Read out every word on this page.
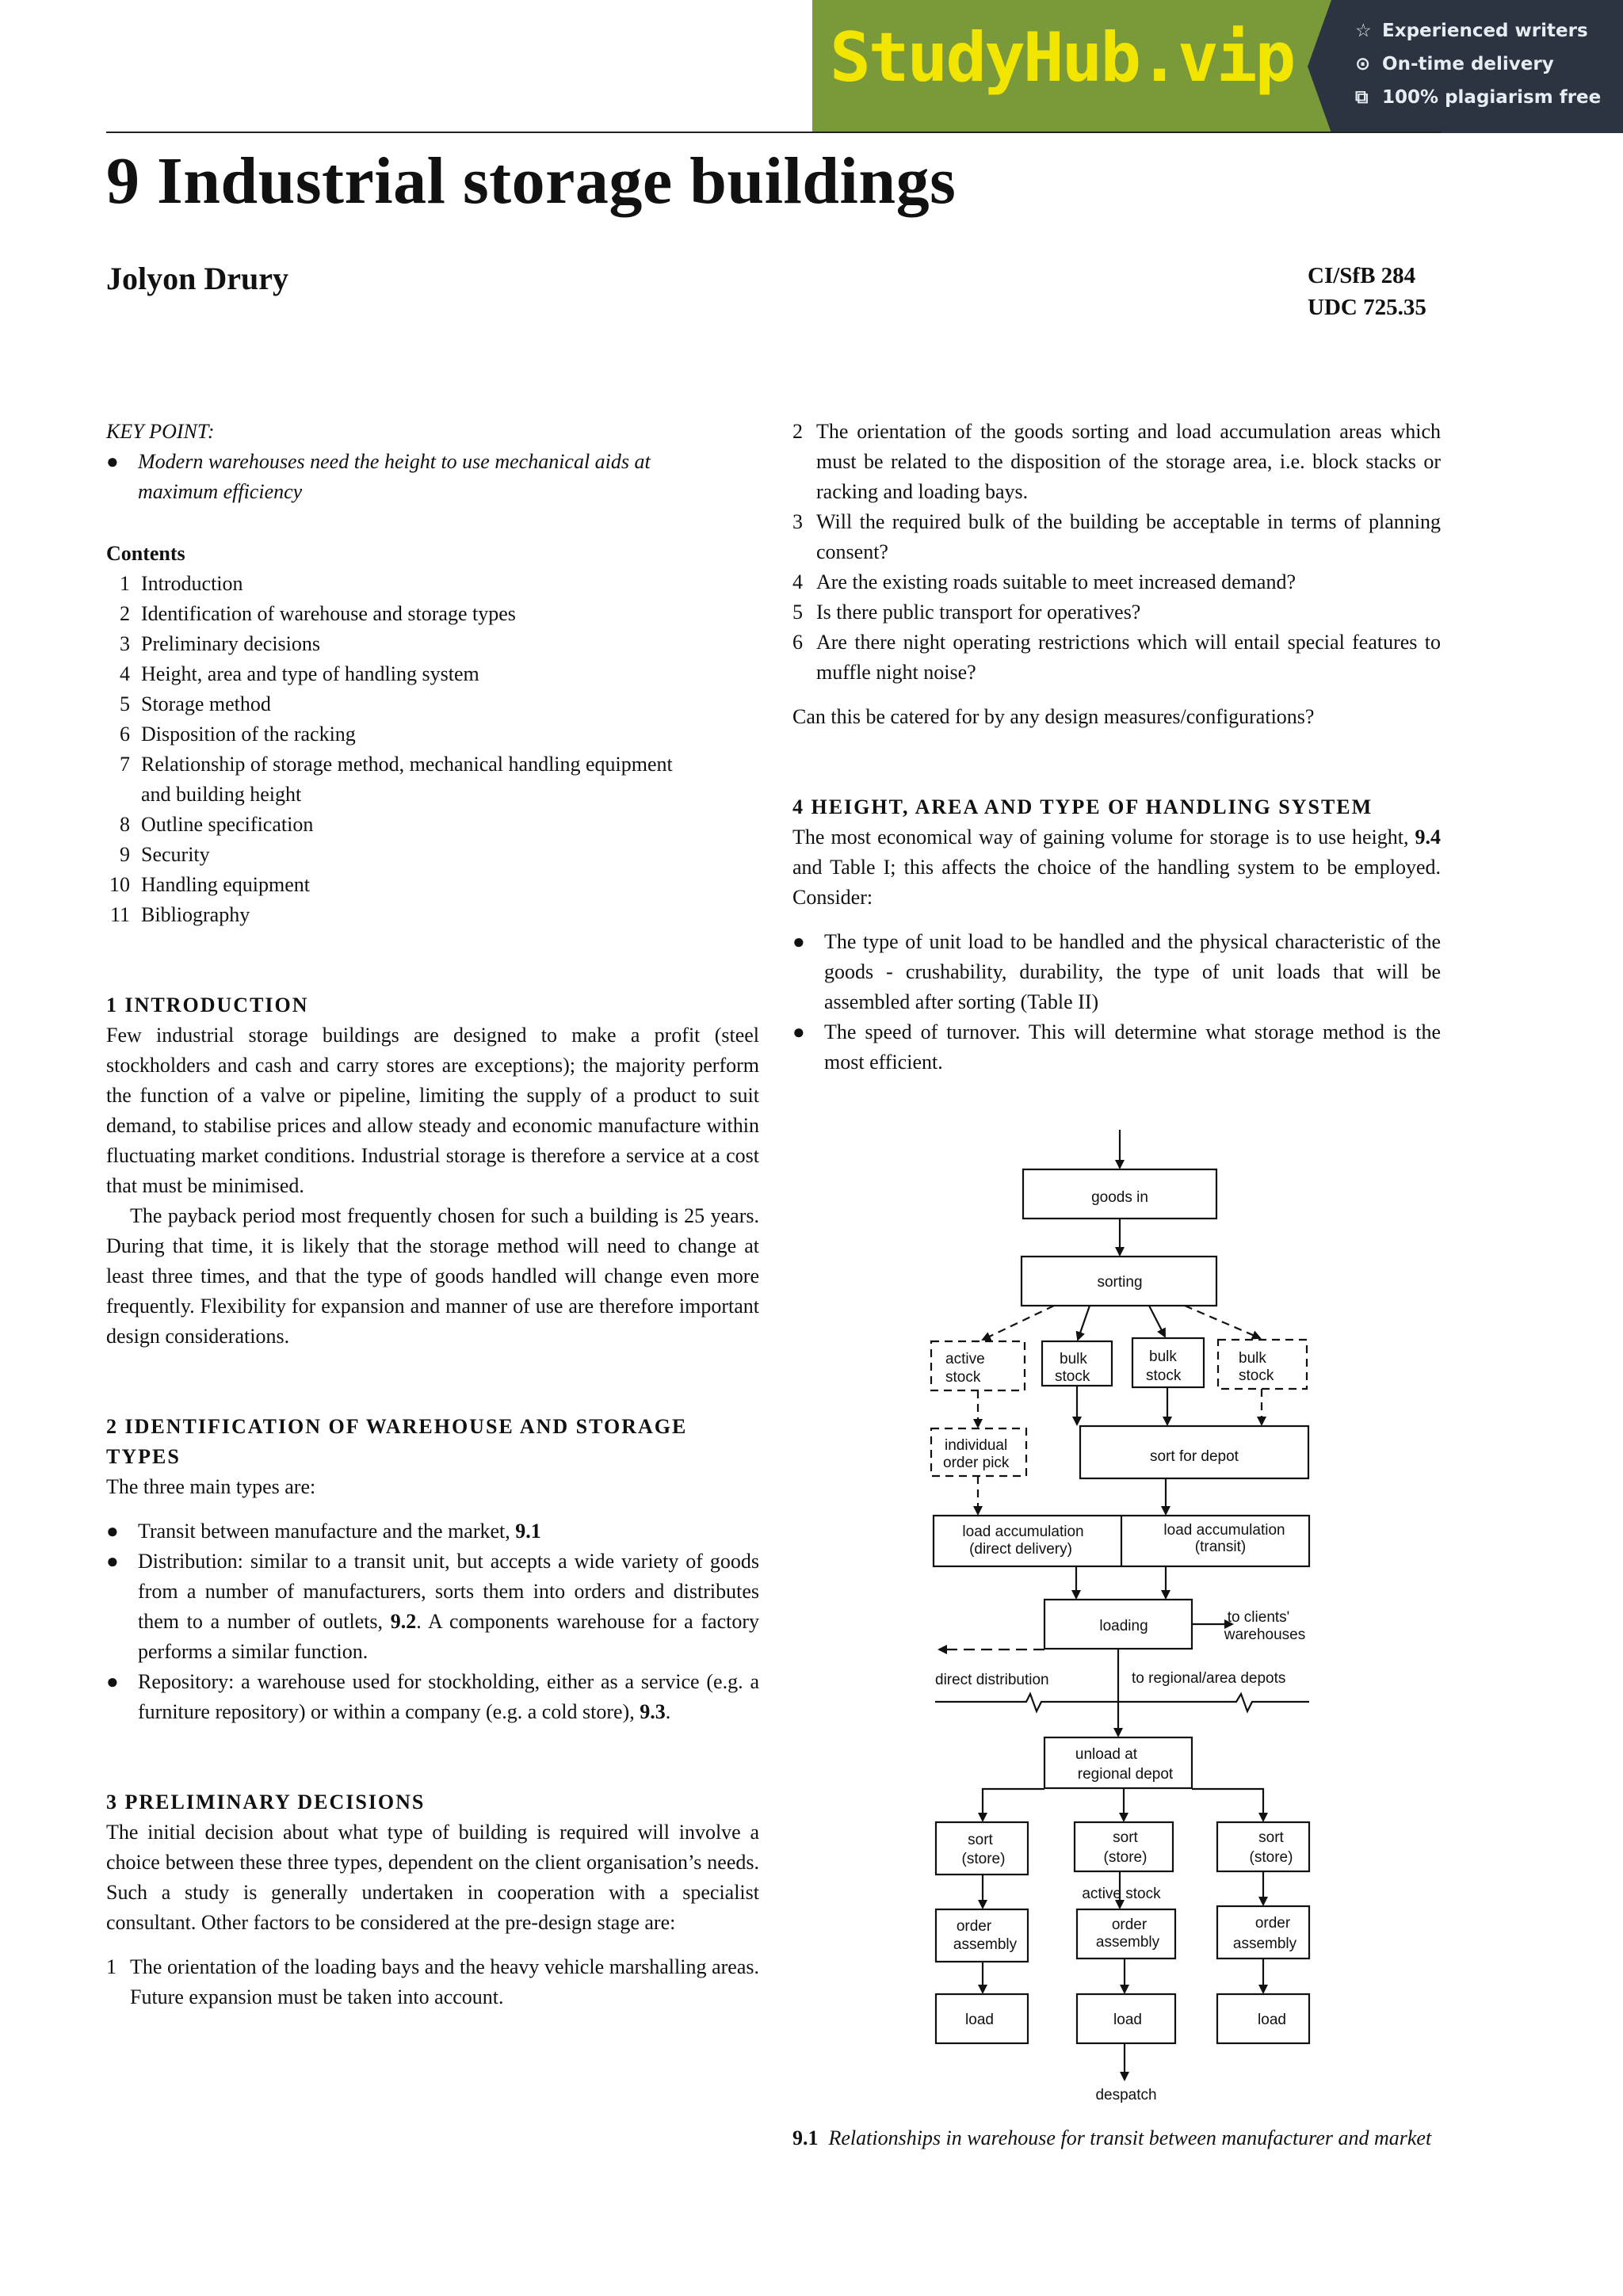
StudyHub.vip	☆ Experienced writers
⊙ On-time delivery
⧉ 100% plagiarism free
9 Industrial storage buildings
Jolyon Drury	CI/SfB 284
UDC 725.35

KEY POINT:

● Modern warehouses need the height to use mechanical aids at maximum efficiency

Contents

1 Introduction

2 Identification of warehouse and storage types

3 Preliminary decisions

4 Height, area and type of handling system

5 Storage method

6 Disposition of the racking

7 Relationship of storage method, mechanical handling equipment and building height

8 Outline specification

9 Security

10 Handling equipment

11 Bibliography

1 INTRODUCTION

Few industrial storage buildings are designed to make a profit (steel stockholders and cash and carry stores are exceptions); the majority perform the function of a valve or pipeline, limiting the supply of a product to suit demand, to stabilise prices and allow steady and economic manufacture within fluctuating market conditions. Industrial storage is therefore a service at a cost that must be minimised.

The payback period most frequently chosen for such a building is 25 years. During that time, it is likely that the storage method will need to change at least three times, and that the type of goods handled will change even more frequently. Flexibility for expansion and manner of use are therefore important design considerations.

2 IDENTIFICATION OF WAREHOUSE AND STORAGE TYPES

The three main types are:

● Transit between manufacture and the market, 9.1

● Distribution: similar to a transit unit, but accepts a wide variety of goods from a number of manufacturers, sorts them into orders and distributes them to a number of outlets, 9.2. A components warehouse for a factory performs a similar function.

● Repository: a warehouse used for stockholding, either as a service (e.g. a furniture repository) or within a company (e.g. a cold store), 9.3.

3 PRELIMINARY DECISIONS

The initial decision about what type of building is required will involve a choice between these three types, dependent on the client organisation’s needs. Such a study is generally undertaken in cooperation with a specialist consultant. Other factors to be considered at the pre-design stage are:

1 The orientation of the loading bays and the heavy vehicle marshalling areas. Future expansion must be taken into account.

2 The orientation of the goods sorting and load accumulation areas which must be related to the disposition of the storage area, i.e. block stacks or racking and loading bays.

3 Will the required bulk of the building be acceptable in terms of planning consent?

4 Are the existing roads suitable to meet increased demand?

5 Is there public transport for operatives?

6 Are there night operating restrictions which will entail special features to muffle night noise?

Can this be catered for by any design measures/configurations?

4 HEIGHT, AREA AND TYPE OF HANDLING SYSTEM

The most economical way of gaining volume for storage is to use height, 9.4 and Table I; this affects the choice of the handling system to be employed. Consider:

● The type of unit load to be handled and the physical characteristic of the goods - crushability, durability, the type of unit loads that will be assembled after sorting (Table II)

● The speed of turnover. This will determine what storage method is the most efficient.

goods in
sorting
active
stock
bulk
stock
bulk
stock
bulk
stock
individual
order pick	sort for depot
load accumulation
(direct delivery)
load accumulation
(transit)
loading
to clients'
warehouses
direct distribution	to regional/area depots
unload at
regional depot
sort
(store)
sort
(store)
sort
(store)
active stock
order
assembly
order
assembly
order
assembly
load	load	load
despatch
9.1 Relationships in warehouse for transit between manufacturer and market
